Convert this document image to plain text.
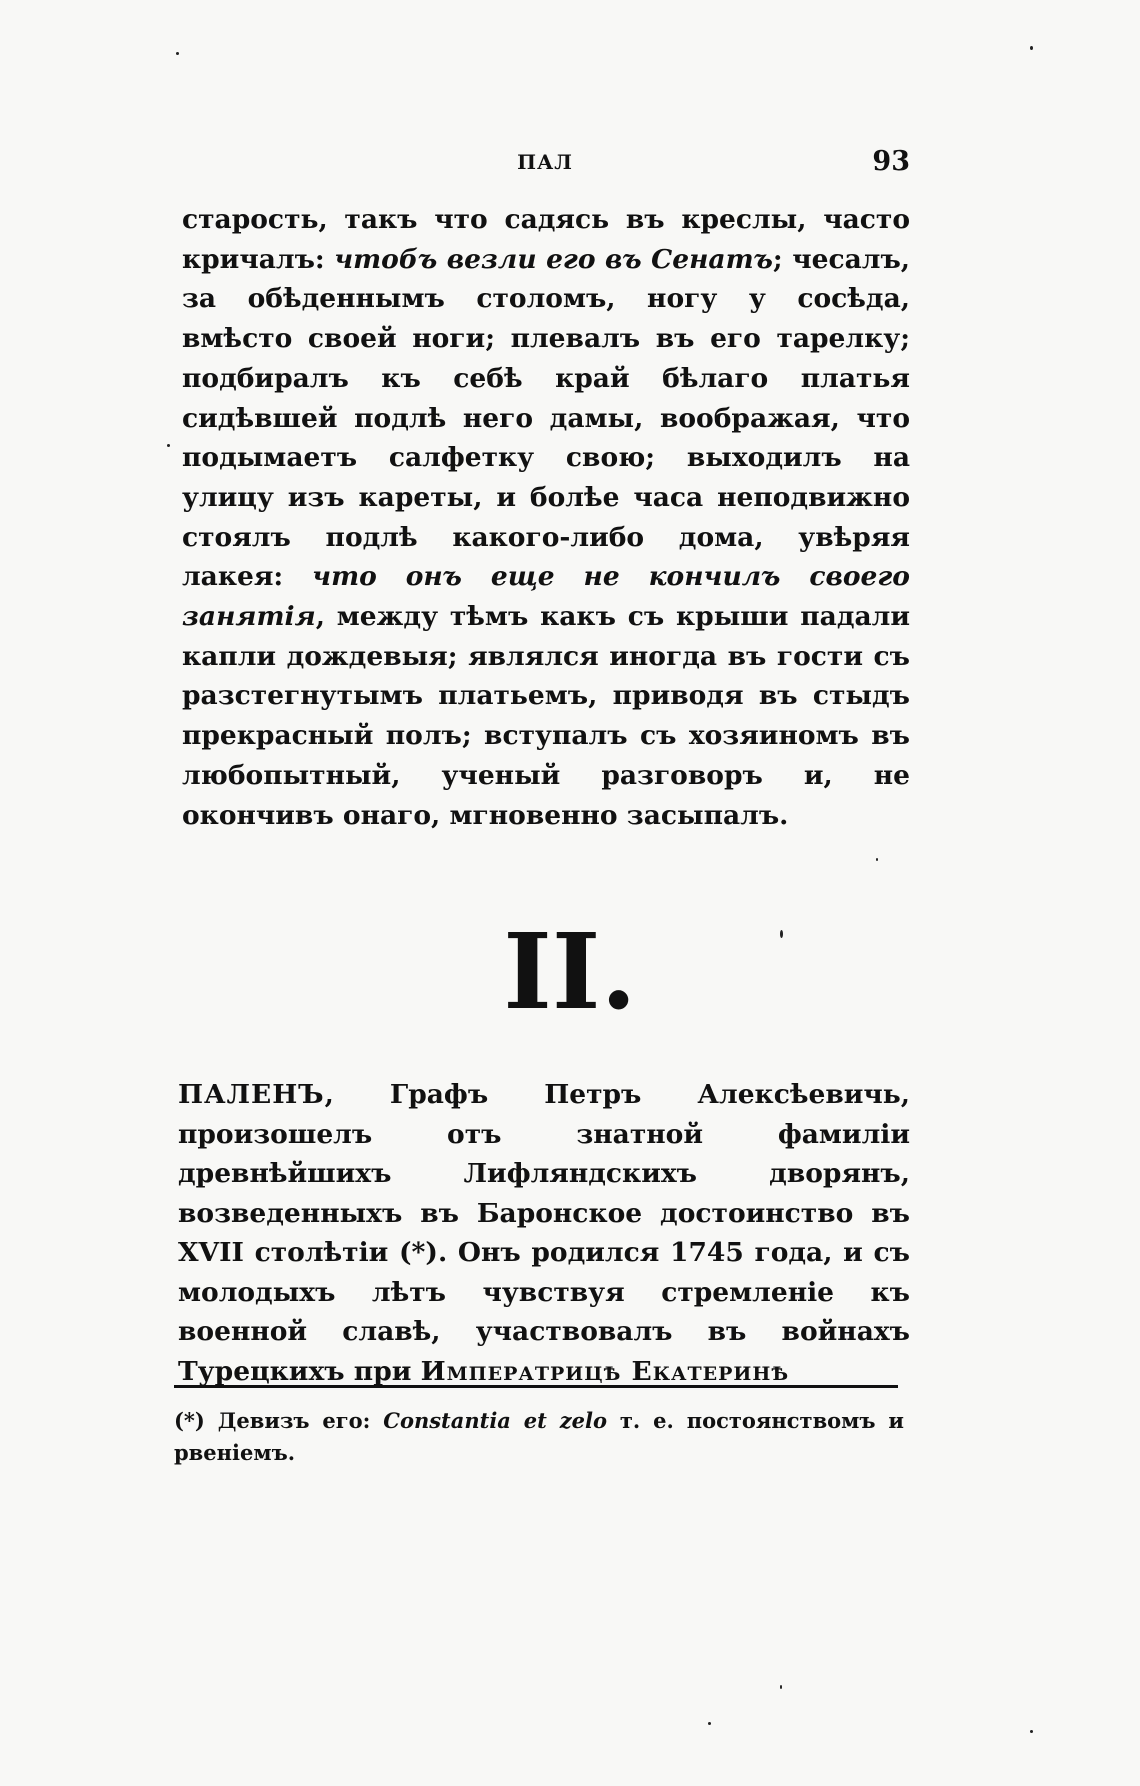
ПАЛ	93
старость, такъ что садясь въ креслы, часто кричалъ: чтобъ везли его въ Сенатъ; чесалъ, за обѣденнымъ столомъ, ногу у сосѣда, вмѣсто своей ноги; плевалъ въ его тарелку; подбиралъ къ себѣ край бѣлаго платья сидѣвшей подлѣ него дамы, воображая, что подымаетъ салфетку свою; выходилъ на улицу изъ кареты, и болѣе часа неподвижно стоялъ подлѣ какого-либо дома, увѣряя лакея: что онъ еще не кончилъ своего занятія, между тѣмъ какъ съ крыши падали капли дождевыя; являлся иногда въ гости съ разстегнутымъ платьемъ, приводя въ стыдъ прекрасный полъ; вступалъ съ хозяиномъ въ любопытный, ученый разговоръ и, не окончивъ онаго, мгновенно засыпалъ.
II.
ПАЛЕНЪ, Графъ Петръ Алексѣевичь, произошелъ отъ знатной фамиліи древнѣйшихъ Лифляндскихъ дворянъ, возведенныхъ въ Баронское достоинство въ XVII столѣтіи (*). Онъ родился 1745 года, и съ молодыхъ лѣтъ чувствуя стремленіе къ военной славѣ, участвовалъ въ войнахъ Турецкихъ при Императрицѣ Екатеринѣ
(*) Девизъ его: Constantia et zelo т. е. постоянствомъ и рвеніемъ.
